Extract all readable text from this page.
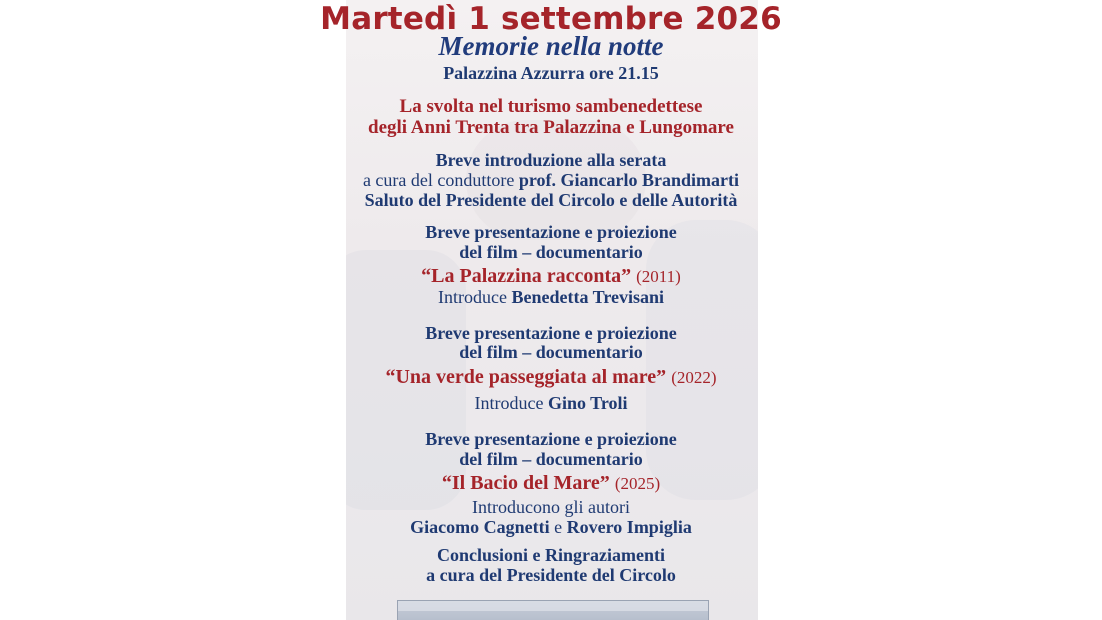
Martedì 1 settembre 2026
Memorie nella notte
Palazzina Azzurra ore 21.15
La svolta nel turismo sambenedettese
degli Anni Trenta tra Palazzina e Lungomare
Breve introduzione alla serata
a cura del conduttore prof. Giancarlo Brandimarti
Saluto del Presidente del Circolo e delle Autorità
Breve presentazione e proiezione
del film – documentario
“La Palazzina racconta” (2011)
Introduce Benedetta Trevisani
Breve presentazione e proiezione
del film – documentario
“Una verde passeggiata al mare” (2022)
Introduce Gino Troli
Breve presentazione e proiezione
del film – documentario
“Il Bacio del Mare” (2025)
Introducono gli autori
Giacomo Cagnetti e Rovero Impiglia
Conclusioni e Ringraziamenti
a cura del Presidente del Circolo
